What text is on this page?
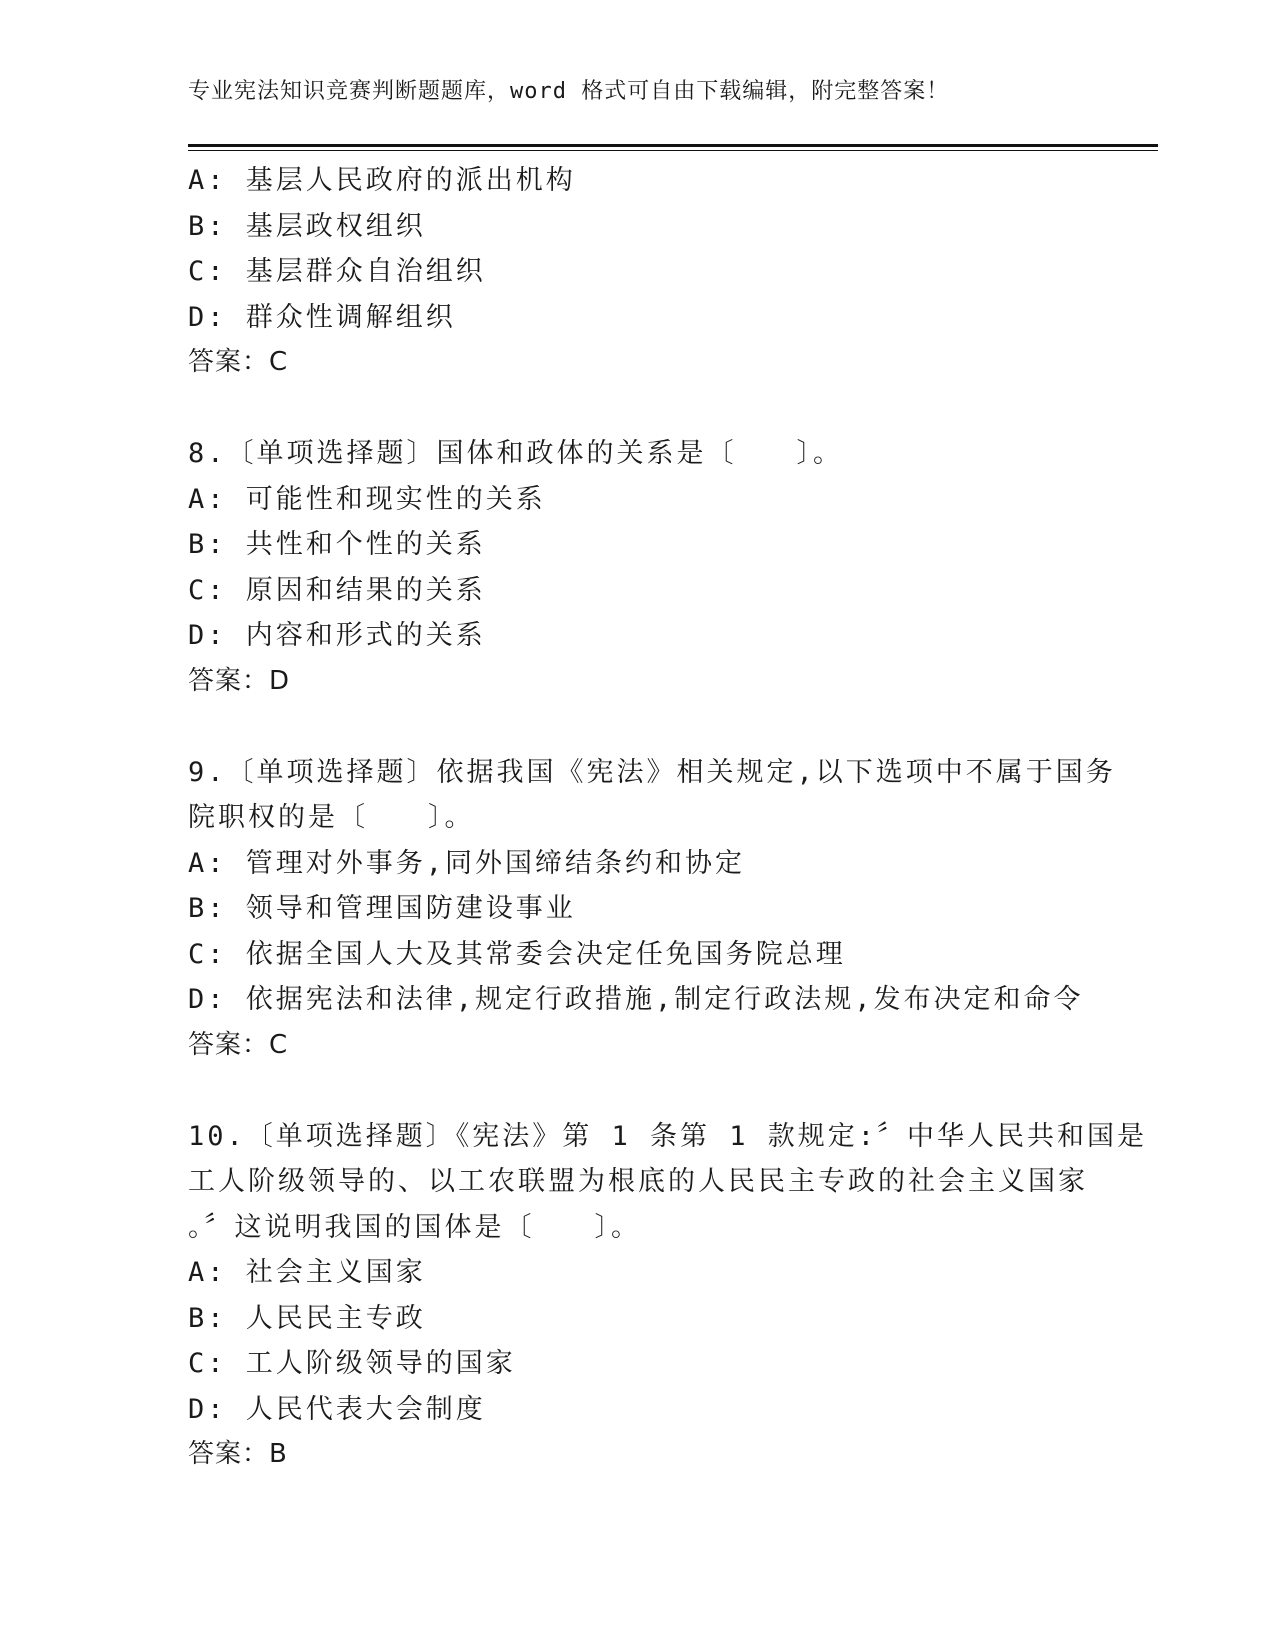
专业宪法知识竞赛判断题题库，word 格式可自由下载编辑，附完整答案！
A: 基层人民政府的派出机构
B: 基层政权组织
C: 基层群众自治组织
D: 群众性调解组织
答案：C
8.〔单项选择题〕国体和政体的关系是〔　　〕。
A: 可能性和现实性的关系
B: 共性和个性的关系
C: 原因和结果的关系
D: 内容和形式的关系
答案：D
9.〔单项选择题〕依据我国《宪法》相关规定,以下选项中不属于国务
院职权的是〔　　〕。
A: 管理对外事务,同外国缔结条约和协定
B: 领导和管理国防建设事业
C: 依据全国人大及其常委会决定任免国务院总理
D: 依据宪法和法律,规定行政措施,制定行政法规,发布决定和命令
答案：C
10.〔单项选择题〕《宪法》第 1 条第 1 款规定:〞中华人民共和国是
工人阶级领导的、以工农联盟为根底的人民民主专政的社会主义国家
。〞这说明我国的国体是〔　　〕。
A: 社会主义国家
B: 人民民主专政
C: 工人阶级领导的国家
D: 人民代表大会制度
答案：B
